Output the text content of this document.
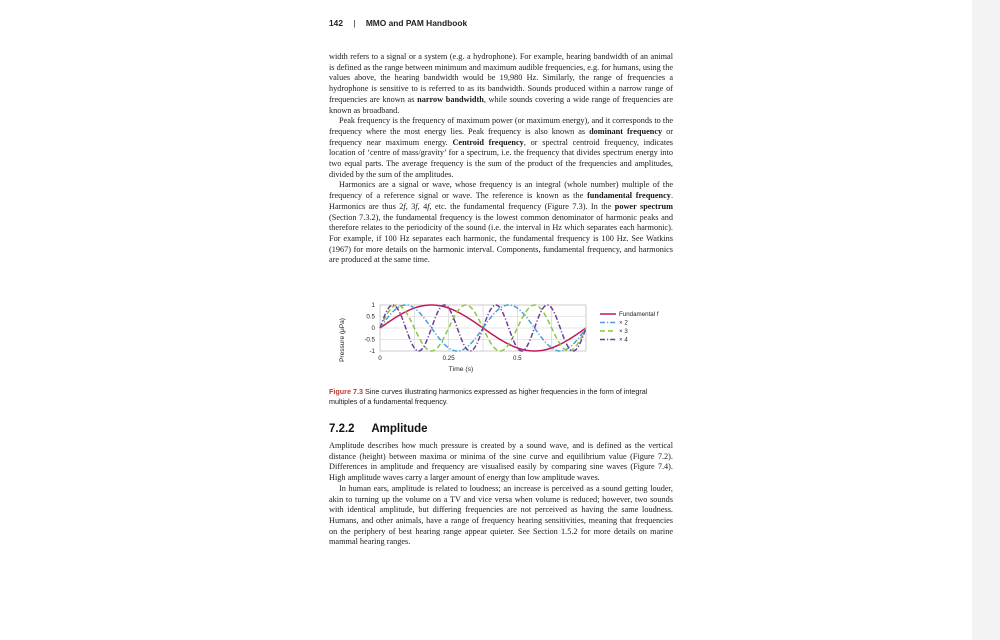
142 | MMO and PAM Handbook

width refers to a signal or a system (e.g. a hydrophone). For example, hearing bandwidth of an animal is defined as the range between minimum and maximum audible frequencies, e.g. for humans, using the values above, the hearing bandwidth would be 19,980 Hz. Similarly, the range of frequencies a hydrophone is sensitive to is referred to as its bandwidth. Sounds produced within a narrow range of frequencies are known as narrow bandwidth, while sounds covering a wide range of frequencies are known as broadband.

Peak frequency is the frequency of maximum power (or maximum energy), and it corresponds to the frequency where the most energy lies. Peak frequency is also known as dominant frequency or frequency near maximum energy. Centroid frequency, or spectral centroid frequency, indicates location of ‘centre of mass/gravity’ for a spectrum, i.e. the frequency that divides spectrum energy into two equal parts. The average frequency is the sum of the product of the frequencies and amplitudes, divided by the sum of the amplitudes.

Harmonics are a signal or wave, whose frequency is an integral (whole number) multiple of the frequency of a reference signal or wave. The reference is known as the fundamental frequency. Harmonics are thus 2f, 3f, 4f, etc. the fundamental frequency (Figure 7.3). In the power spectrum (Section 7.3.2), the fundamental frequency is the lowest common denominator of harmonic peaks and therefore relates to the periodicity of the sound (i.e. the interval in Hz which separates each harmonic). For example, if 100 Hz separates each harmonic, the fundamental frequency is 100 Hz. See Watkins (1967) for more details on the harmonic interval. Components, fundamental frequency, and harmonics are produced at the same time.

1
0.5
0
-0.5
-1
0	0.25	0.5
Fundamental f
× 2
× 3
× 4
Pressure (μPa)
Time (s)
Figure 7.3 Sine curves illustrating harmonics expressed as higher frequencies in the form of integral multiples of a fundamental frequency.
7.2.2 Amplitude

Amplitude describes how much pressure is created by a sound wave, and is defined as the vertical distance (height) between maxima or minima of the sine curve and equilibrium value (Figure 7.2). Differences in amplitude and frequency are visualised easily by comparing sine waves (Figure 7.4). High amplitude waves carry a larger amount of energy than low amplitude waves.

In human ears, amplitude is related to loudness; an increase is perceived as a sound getting louder, akin to turning up the volume on a TV and vice versa when volume is reduced; however, two sounds with identical amplitude, but differing frequencies are not perceived as having the same loudness. Humans, and other animals, have a range of frequency hearing sensitivities, meaning that frequencies on the periphery of best hearing range appear quieter. See Section 1.5.2 for more details on marine mammal hearing ranges.
